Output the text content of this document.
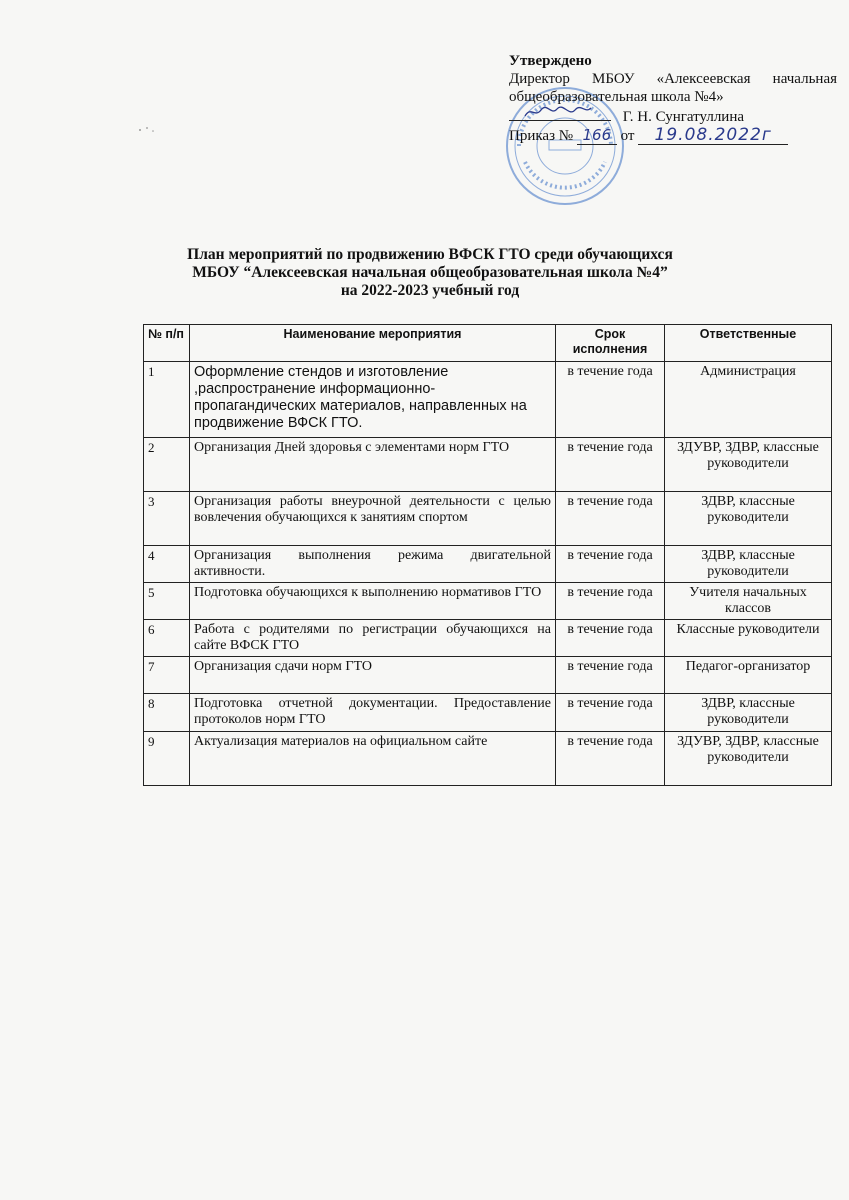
Утверждено
Директор МБОУ «Алексеевская начальная
общеобразовательная школа №4»
Г. Н. Сунгатуллина
Приказ № 166 от 19.08.2022г
План мероприятий по продвижению ВФСК ГТО среди обучающихся
МБОУ “Алексеевская начальная общеобразовательная школа №4”
на 2022-2023 учебный год
№ п/п	Наименование мероприятия	Срок исполнения	Ответственные
1	Оформление стендов и изготовление ,распространение информационно-пропагандических материалов, направленных на продвижение ВФСК ГТО.	в течение года	Администрация
2	Организация Дней здоровья с элементами норм ГТО	в течение года	ЗДУВР, ЗДВР, классные руководители
3	Организация работы внеурочной деятельности с целью вовлечения обучающихся к занятиям спортом	в течение года	ЗДВР, классные руководители
4	Организация выполнения режима двигательной активности.	в течение года	ЗДВР, классные руководители
5	Подготовка обучающихся к выполнению нормативов ГТО	в течение года	Учителя начальных классов
6	Работа с родителями по регистрации обучающихся на сайте ВФСК ГТО	в течение года	Классные руководители
7	Организация сдачи норм ГТО	в течение года	Педагог-организатор
8	Подготовка отчетной документации. Предоставление протоколов норм ГТО	в течение года	ЗДВР, классные руководители
9	Актуализация материалов на официальном сайте	в течение года	ЗДУВР, ЗДВР, классные руководители
